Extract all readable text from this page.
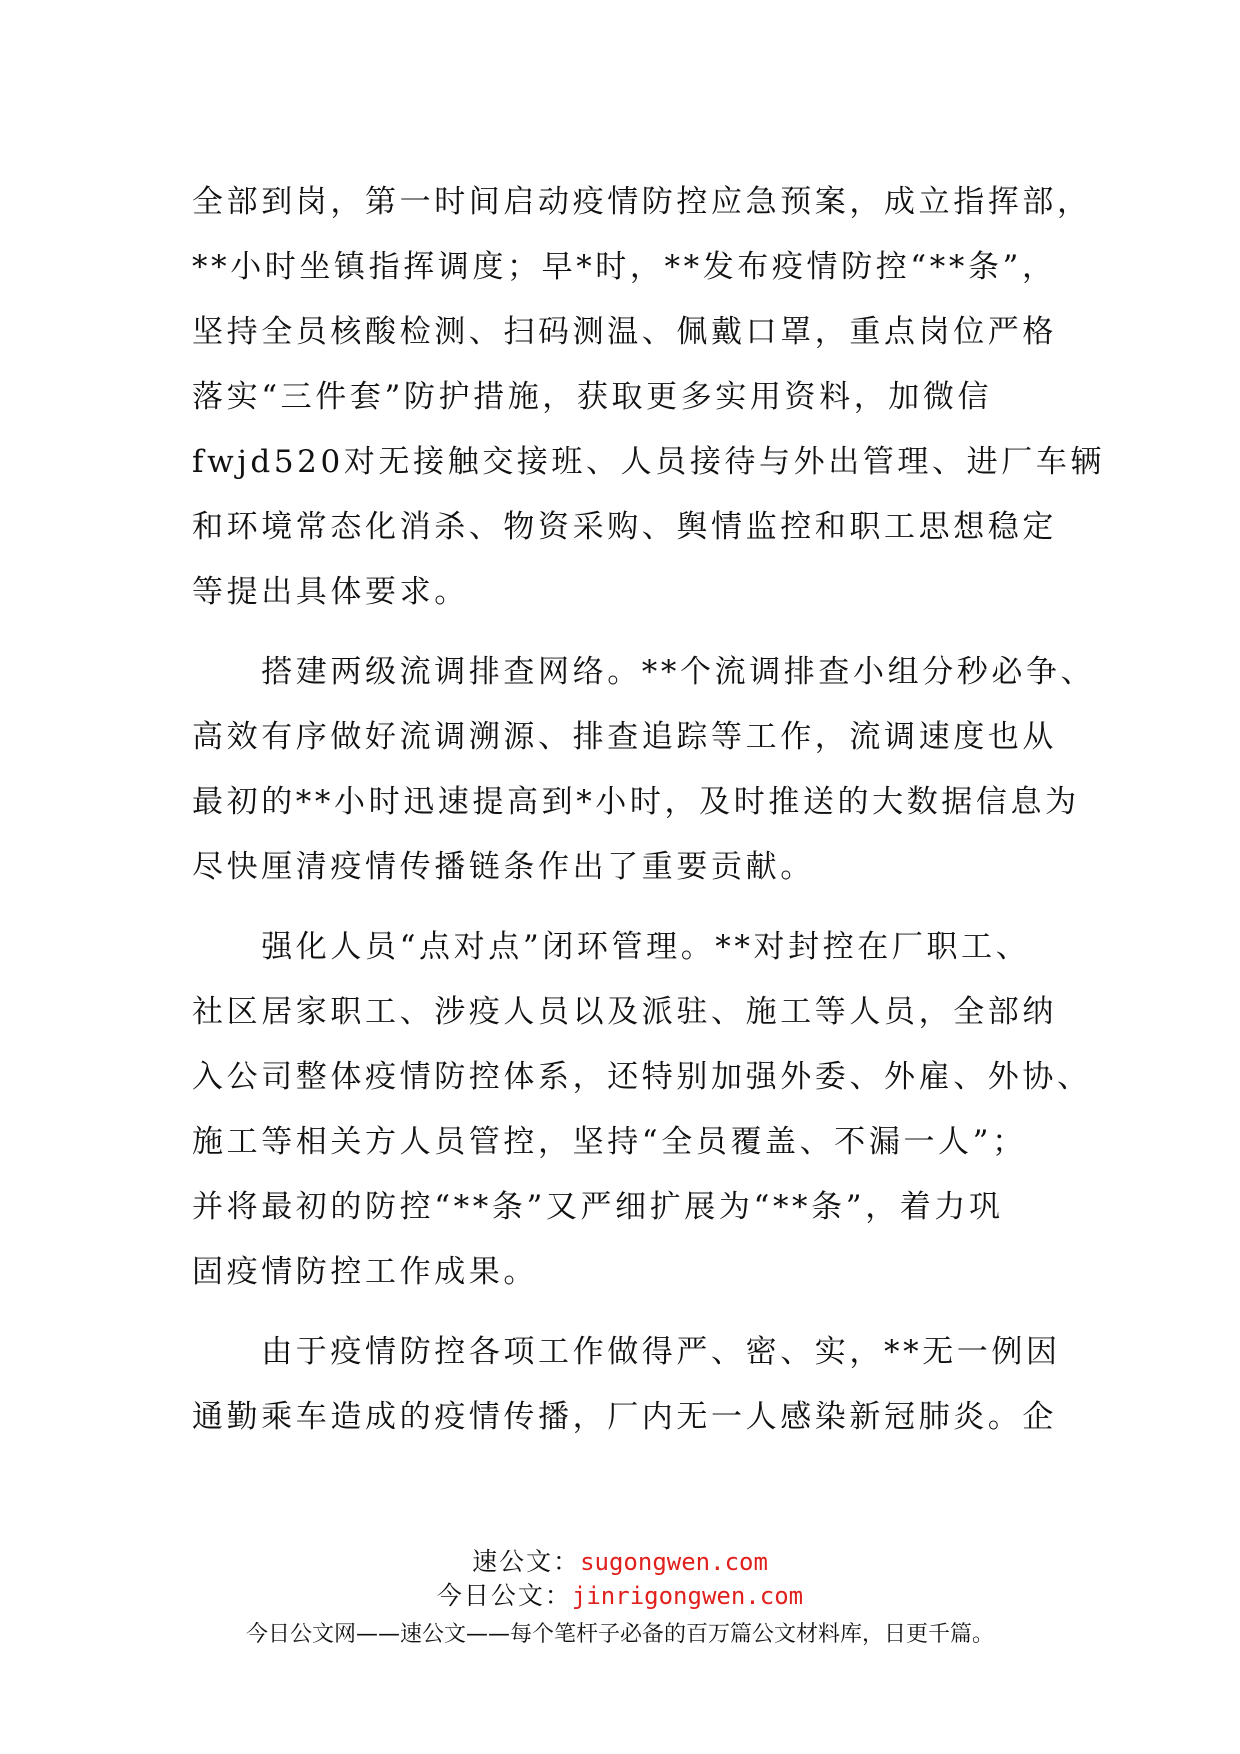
全部到岗，第一时间启动疫情防控应急预案，成立指挥部，
**小时坐镇指挥调度；早*时，**发布疫情防控“**条”，
坚持全员核酸检测、扫码测温、佩戴口罩，重点岗位严格
落实“三件套”防护措施，获取更多实用资料，加微信
fwjd520对无接触交接班、人员接待与外出管理、进厂车辆
和环境常态化消杀、物资采购、舆情监控和职工思想稳定
等提出具体要求。
　　搭建两级流调排查网络。**个流调排查小组分秒必争、
高效有序做好流调溯源、排查追踪等工作，流调速度也从
最初的**小时迅速提高到*小时，及时推送的大数据信息为
尽快厘清疫情传播链条作出了重要贡献。
　　强化人员“点对点”闭环管理。**对封控在厂职工、
社区居家职工、涉疫人员以及派驻、施工等人员，全部纳
入公司整体疫情防控体系，还特别加强外委、外雇、外协、
施工等相关方人员管控，坚持“全员覆盖、不漏一人”；
并将最初的防控“**条”又严细扩展为“**条”，着力巩
固疫情防控工作成果。
　　由于疫情防控各项工作做得严、密、实，**无一例因
通勤乘车造成的疫情传播，厂内无一人感染新冠肺炎。企
速公文：sugongwen.com
今日公文：jinrigongwen.com
今日公文网——速公文——每个笔杆子必备的百万篇公文材料库，日更千篇。
